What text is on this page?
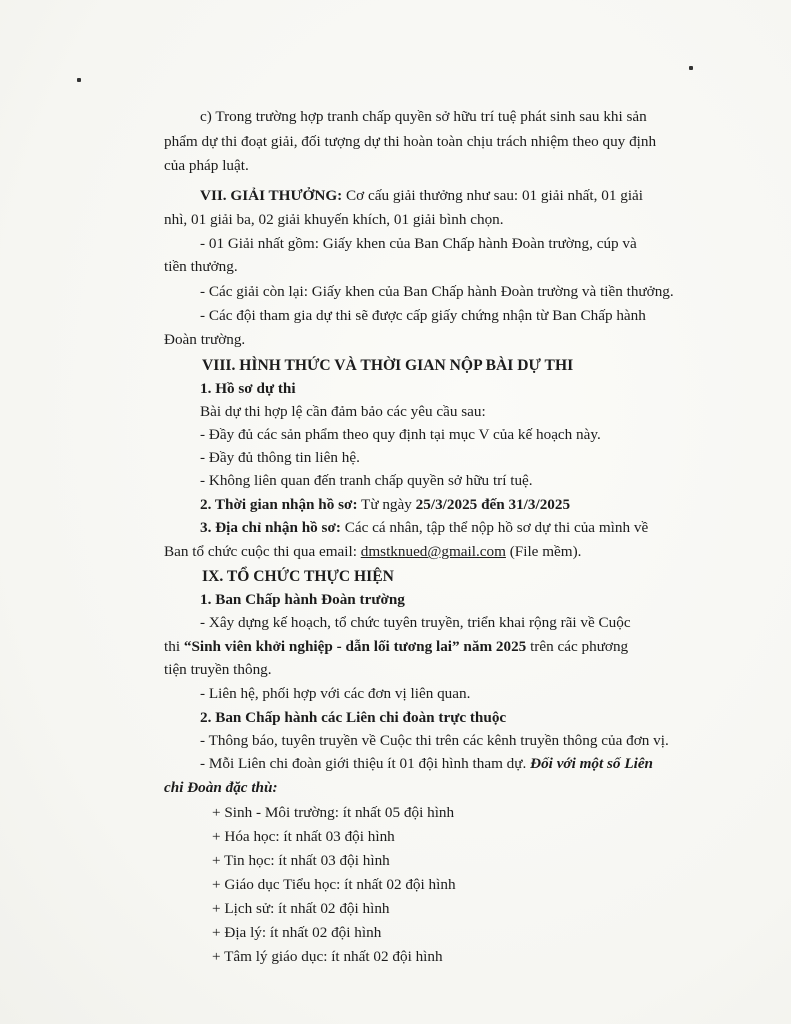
c) Trong trường hợp tranh chấp quyền sở hữu trí tuệ phát sinh sau khi sản
phẩm dự thi đoạt giải, đối tượng dự thi hoàn toàn chịu trách nhiệm theo quy định
của pháp luật.
VII. GIẢI THƯỞNG: Cơ cấu giải thưởng như sau: 01 giải nhất, 01 giải
nhì, 01 giải ba, 02 giải khuyến khích, 01 giải bình chọn.
- 01 Giải nhất gồm: Giấy khen của Ban Chấp hành Đoàn trường, cúp và
tiền thưởng.
- Các giải còn lại: Giấy khen của Ban Chấp hành Đoàn trường và tiền thưởng.
- Các đội tham gia dự thi sẽ được cấp giấy chứng nhận từ Ban Chấp hành
Đoàn trường.
VIII. HÌNH THỨC VÀ THỜI GIAN NỘP BÀI DỰ THI
1. Hồ sơ dự thi
Bài dự thi hợp lệ cần đảm bảo các yêu cầu sau:
- Đầy đủ các sản phẩm theo quy định tại mục V của kế hoạch này.
- Đầy đủ thông tin liên hệ.
- Không liên quan đến tranh chấp quyền sở hữu trí tuệ.
2. Thời gian nhận hồ sơ: Từ ngày 25/3/2025 đến 31/3/2025
3. Địa chỉ nhận hồ sơ: Các cá nhân, tập thể nộp hồ sơ dự thi của mình về
Ban tổ chức cuộc thi qua email: dmstknued@gmail.com (File mềm).
IX. TỔ CHỨC THỰC HIỆN
1. Ban Chấp hành Đoàn trường
- Xây dựng kế hoạch, tổ chức tuyên truyền, triển khai rộng rãi về Cuộc
thi “Sinh viên khởi nghiệp - dẫn lối tương lai” năm 2025 trên các phương
tiện truyền thông.
- Liên hệ, phối hợp với các đơn vị liên quan.
2. Ban Chấp hành các Liên chi đoàn trực thuộc
- Thông báo, tuyên truyền về Cuộc thi trên các kênh truyền thông của đơn vị.
- Mỗi Liên chi đoàn giới thiệu ít 01 đội hình tham dự. Đối với một số Liên
chi Đoàn đặc thù:
+ Sinh - Môi trường: ít nhất 05 đội hình
+ Hóa học: ít nhất 03 đội hình
+ Tin học: ít nhất 03 đội hình
+ Giáo dục Tiểu học: ít nhất 02 đội hình
+ Lịch sử: ít nhất 02 đội hình
+ Địa lý: ít nhất 02 đội hình
+ Tâm lý giáo dục: ít nhất 02 đội hình
